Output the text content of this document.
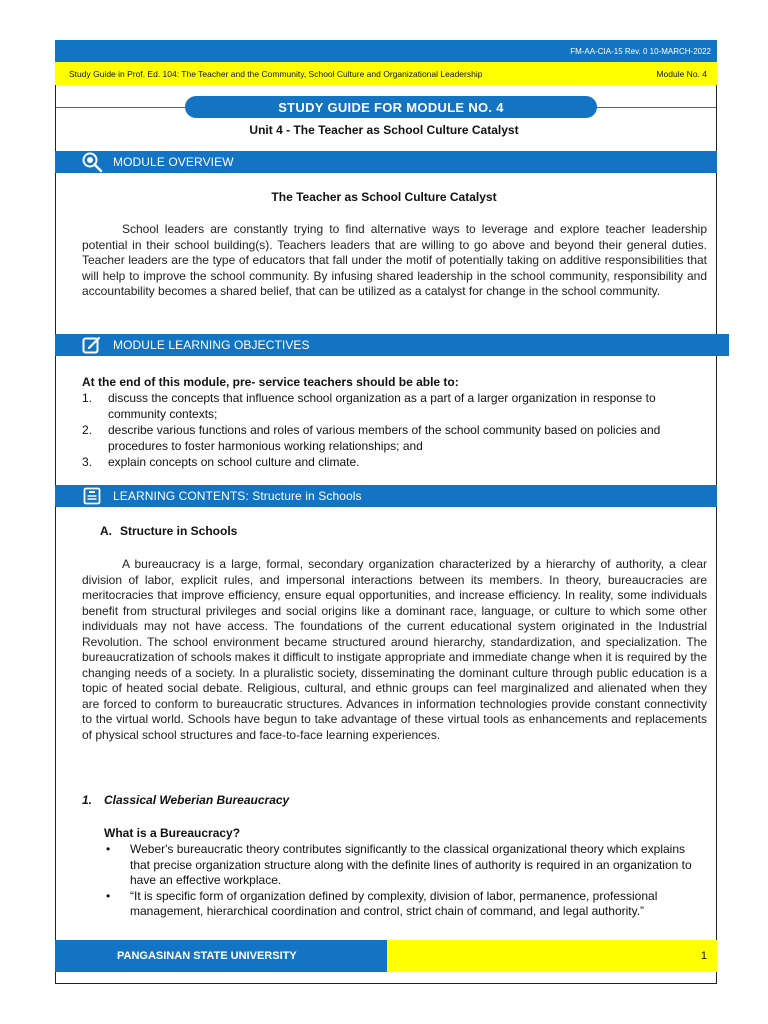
FM-AA-CIA-15 Rev. 0 10-MARCH-2022
Study Guide in Prof. Ed. 104: The Teacher and the Community, School Culture and Organizational Leadership	Module No. 4
STUDY GUIDE FOR MODULE NO. 4
Unit 4 - The Teacher as School Culture Catalyst
MODULE OVERVIEW
The Teacher as School Culture Catalyst
School leaders are constantly trying to find alternative ways to leverage and explore teacher leadership potential in their school building(s). Teachers leaders that are willing to go above and beyond their general duties. Teacher leaders are the type of educators that fall under the motif of potentially taking on additive responsibilities that will help to improve the school community. By infusing shared leadership in the school community, responsibility and accountability becomes a shared belief, that can be utilized as a catalyst for change in the school community.
MODULE LEARNING OBJECTIVES
At the end of this module, pre- service teachers should be able to:
1.	discuss the concepts that influence school organization as a part of a larger organization in response to community contexts;
2.	describe various functions and roles of various members of the school community based on policies and procedures to foster harmonious working relationships; and
3.	explain concepts on school culture and climate.
LEARNING CONTENTS: Structure in Schools
A. Structure in Schools
A bureaucracy is a large, formal, secondary organization characterized by a hierarchy of authority, a clear division of labor, explicit rules, and impersonal interactions between its members. In theory, bureaucracies are meritocracies that improve efficiency, ensure equal opportunities, and increase efficiency. In reality, some individuals benefit from structural privileges and social origins like a dominant race, language, or culture to which some other individuals may not have access. The foundations of the current educational system originated in the Industrial Revolution. The school environment became structured around hierarchy, standardization, and specialization. The bureaucratization of schools makes it difficult to instigate appropriate and immediate change when it is required by the changing needs of a society. In a pluralistic society, disseminating the dominant culture through public education is a topic of heated social debate. Religious, cultural, and ethnic groups can feel marginalized and alienated when they are forced to conform to bureaucratic structures. Advances in information technologies provide constant connectivity to the virtual world. Schools have begun to take advantage of these virtual tools as enhancements and replacements of physical school structures and face-to-face learning experiences.
1. Classical Weberian Bureaucracy
What is a Bureaucracy?
•	Weber's bureaucratic theory contributes significantly to the classical organizational theory which explains that precise organization structure along with the definite lines of authority is required in an organization to have an effective workplace.
•	“It is specific form of organization defined by complexity, division of labor, permanence, professional management, hierarchical coordination and control, strict chain of command, and legal authority.”
PANGASINAN STATE UNIVERSITY	1
